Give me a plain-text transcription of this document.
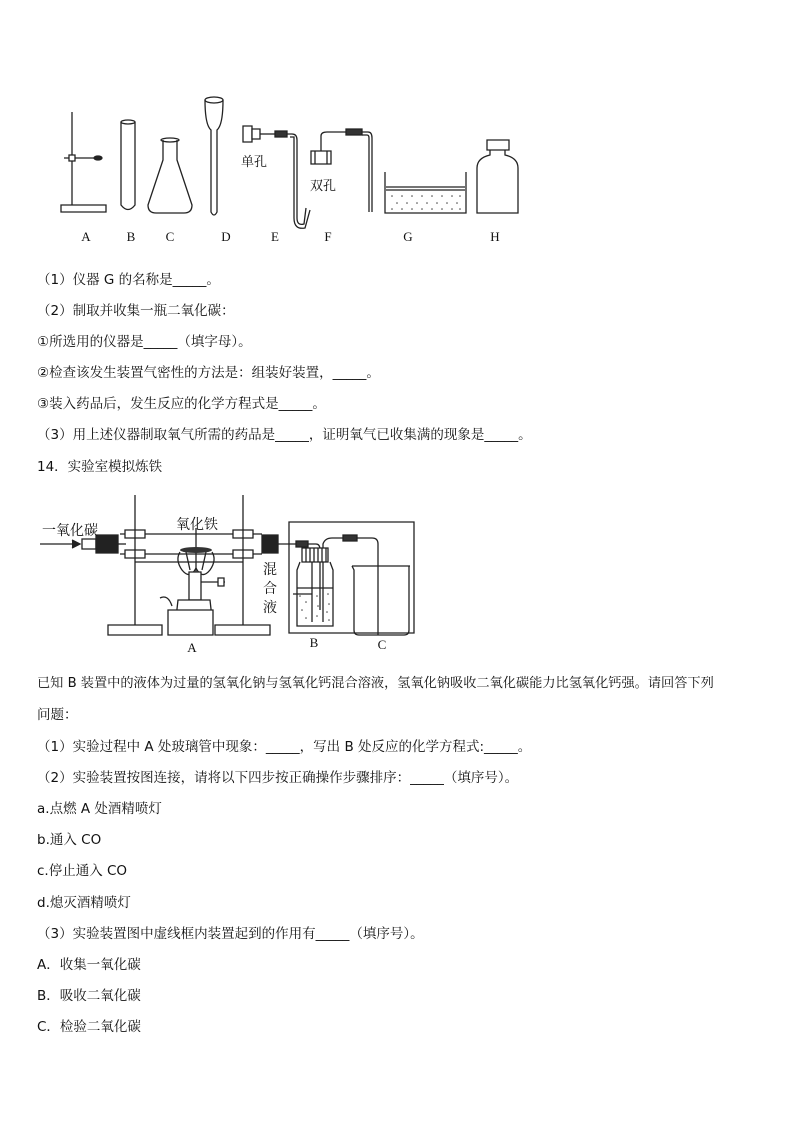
单孔
双孔
A	B	C	D	E	F	G	H
（1）仪器 G 的名称是_____。
（2）制取并收集一瓶二氧化碳：
①所选用的仪器是_____（填字母）。
②检查该发生装置气密性的方法是：组装好装置，_____。
③装入药品后，发生反应的化学方程式是_____。
（3）用上述仪器制取氧气所需的药品是_____，证明氧气已收集满的现象是_____。
14．实验室模拟炼铁
一氧化碳	氧化铁
混
合
液
A	B	C
已知 B 装置中的液体为过量的氢氧化钠与氢氧化钙混合溶液，氢氧化钠吸收二氧化碳能力比氢氧化钙强。请回答下列
问题：
（1）实验过程中 A 处玻璃管中现象：_____，写出 B 处反应的化学方程式:_____。
（2）实验装置按图连接，请将以下四步按正确操作步骤排序：_____（填序号）。
a.点燃 A 处酒精喷灯
b.通入 CO
c.停止通入 CO
d.熄灭酒精喷灯
（3）实验装置图中虚线框内装置起到的作用有_____（填序号）。
A．收集一氧化碳
B．吸收二氧化碳
C．检验二氧化碳
